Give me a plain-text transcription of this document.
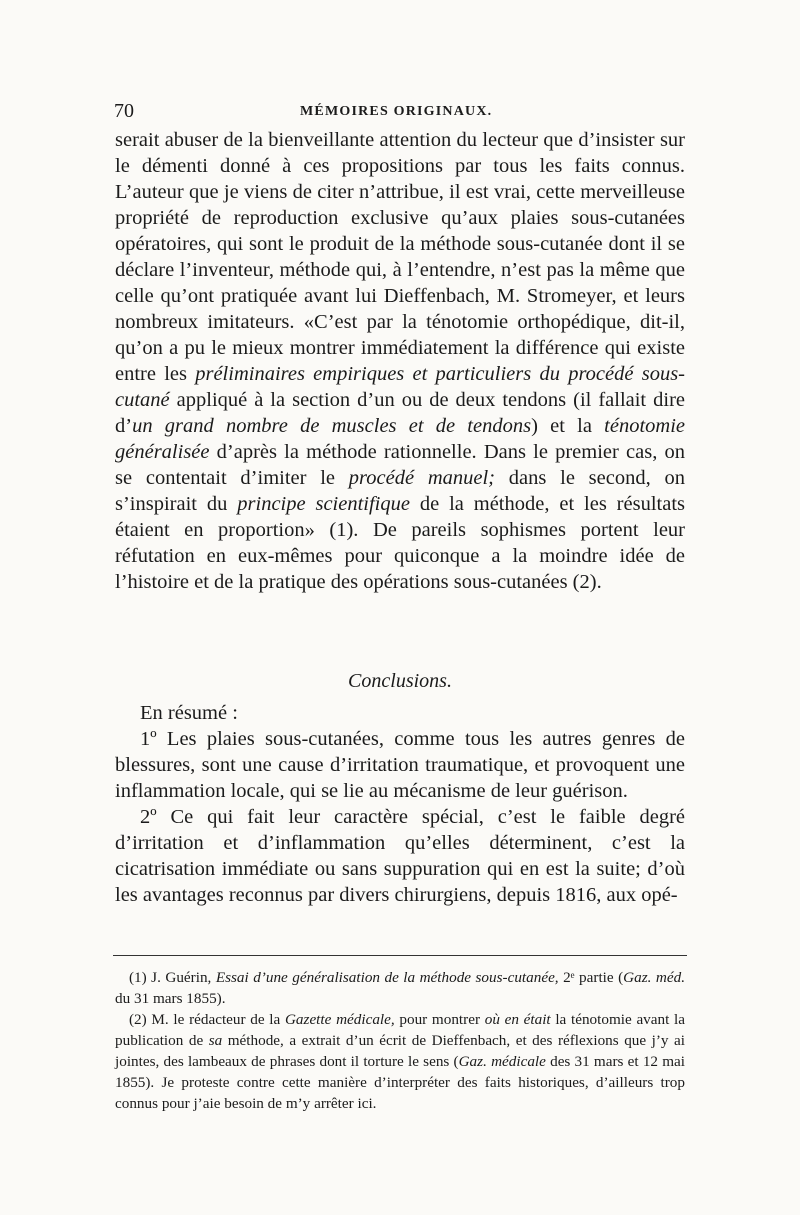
70	MÉMOIRES ORIGINAUX.

serait abuser de la bienveillante attention du lecteur que d’insister sur le démenti donné à ces propositions par tous les faits connus. L’auteur que je viens de citer n’attribue, il est vrai, cette merveilleuse propriété de reproduction exclusive qu’aux plaies sous-cutanées opératoires, qui sont le produit de la méthode sous-cutanée dont il se déclare l’inventeur, méthode qui, à l’entendre, n’est pas la même que celle qu’ont pratiquée avant lui Dieffenbach, M. Stromeyer, et leurs nombreux imitateurs. «C’est par la ténotomie orthopédique, dit-il, qu’on a pu le mieux montrer immédiatement la différence qui existe entre les préliminaires empiriques et particuliers du procédé sous-cutané appliqué à la section d’un ou de deux tendons (il fallait dire d’un grand nombre de muscles et de tendons) et la ténotomie généralisée d’après la méthode rationnelle. Dans le premier cas, on se contentait d’imiter le procédé manuel; dans le second, on s’inspirait du principe scientifique de la méthode, et les résultats étaient en proportion» (1). De pareils sophismes portent leur réfutation en eux-mêmes pour quiconque a la moindre idée de l’histoire et de la pratique des opérations sous-cutanées (2).

Conclusions.

En résumé :

1º Les plaies sous-cutanées, comme tous les autres genres de blessures, sont une cause d’irritation traumatique, et provoquent une inflammation locale, qui se lie au mécanisme de leur guérison.

2º Ce qui fait leur caractère spécial, c’est le faible degré d’irritation et d’inflammation qu’elles déterminent, c’est la cicatrisation immédiate ou sans suppuration qui en est la suite; d’où les avantages reconnus par divers chirurgiens, depuis 1816, aux opé-

(1) J. Guérin, Essai d’une généralisation de la méthode sous-cutanée, 2ᵉ partie (Gaz. méd. du 31 mars 1855).

(2) M. le rédacteur de la Gazette médicale, pour montrer où en était la ténotomie avant la publication de sa méthode, a extrait d’un écrit de Dieffenbach, et des réflexions que j’y ai jointes, des lambeaux de phrases dont il torture le sens (Gaz. médicale des 31 mars et 12 mai 1855). Je proteste contre cette manière d’interpréter des faits historiques, d’ailleurs trop connus pour j’aie besoin de m’y arrêter ici.
